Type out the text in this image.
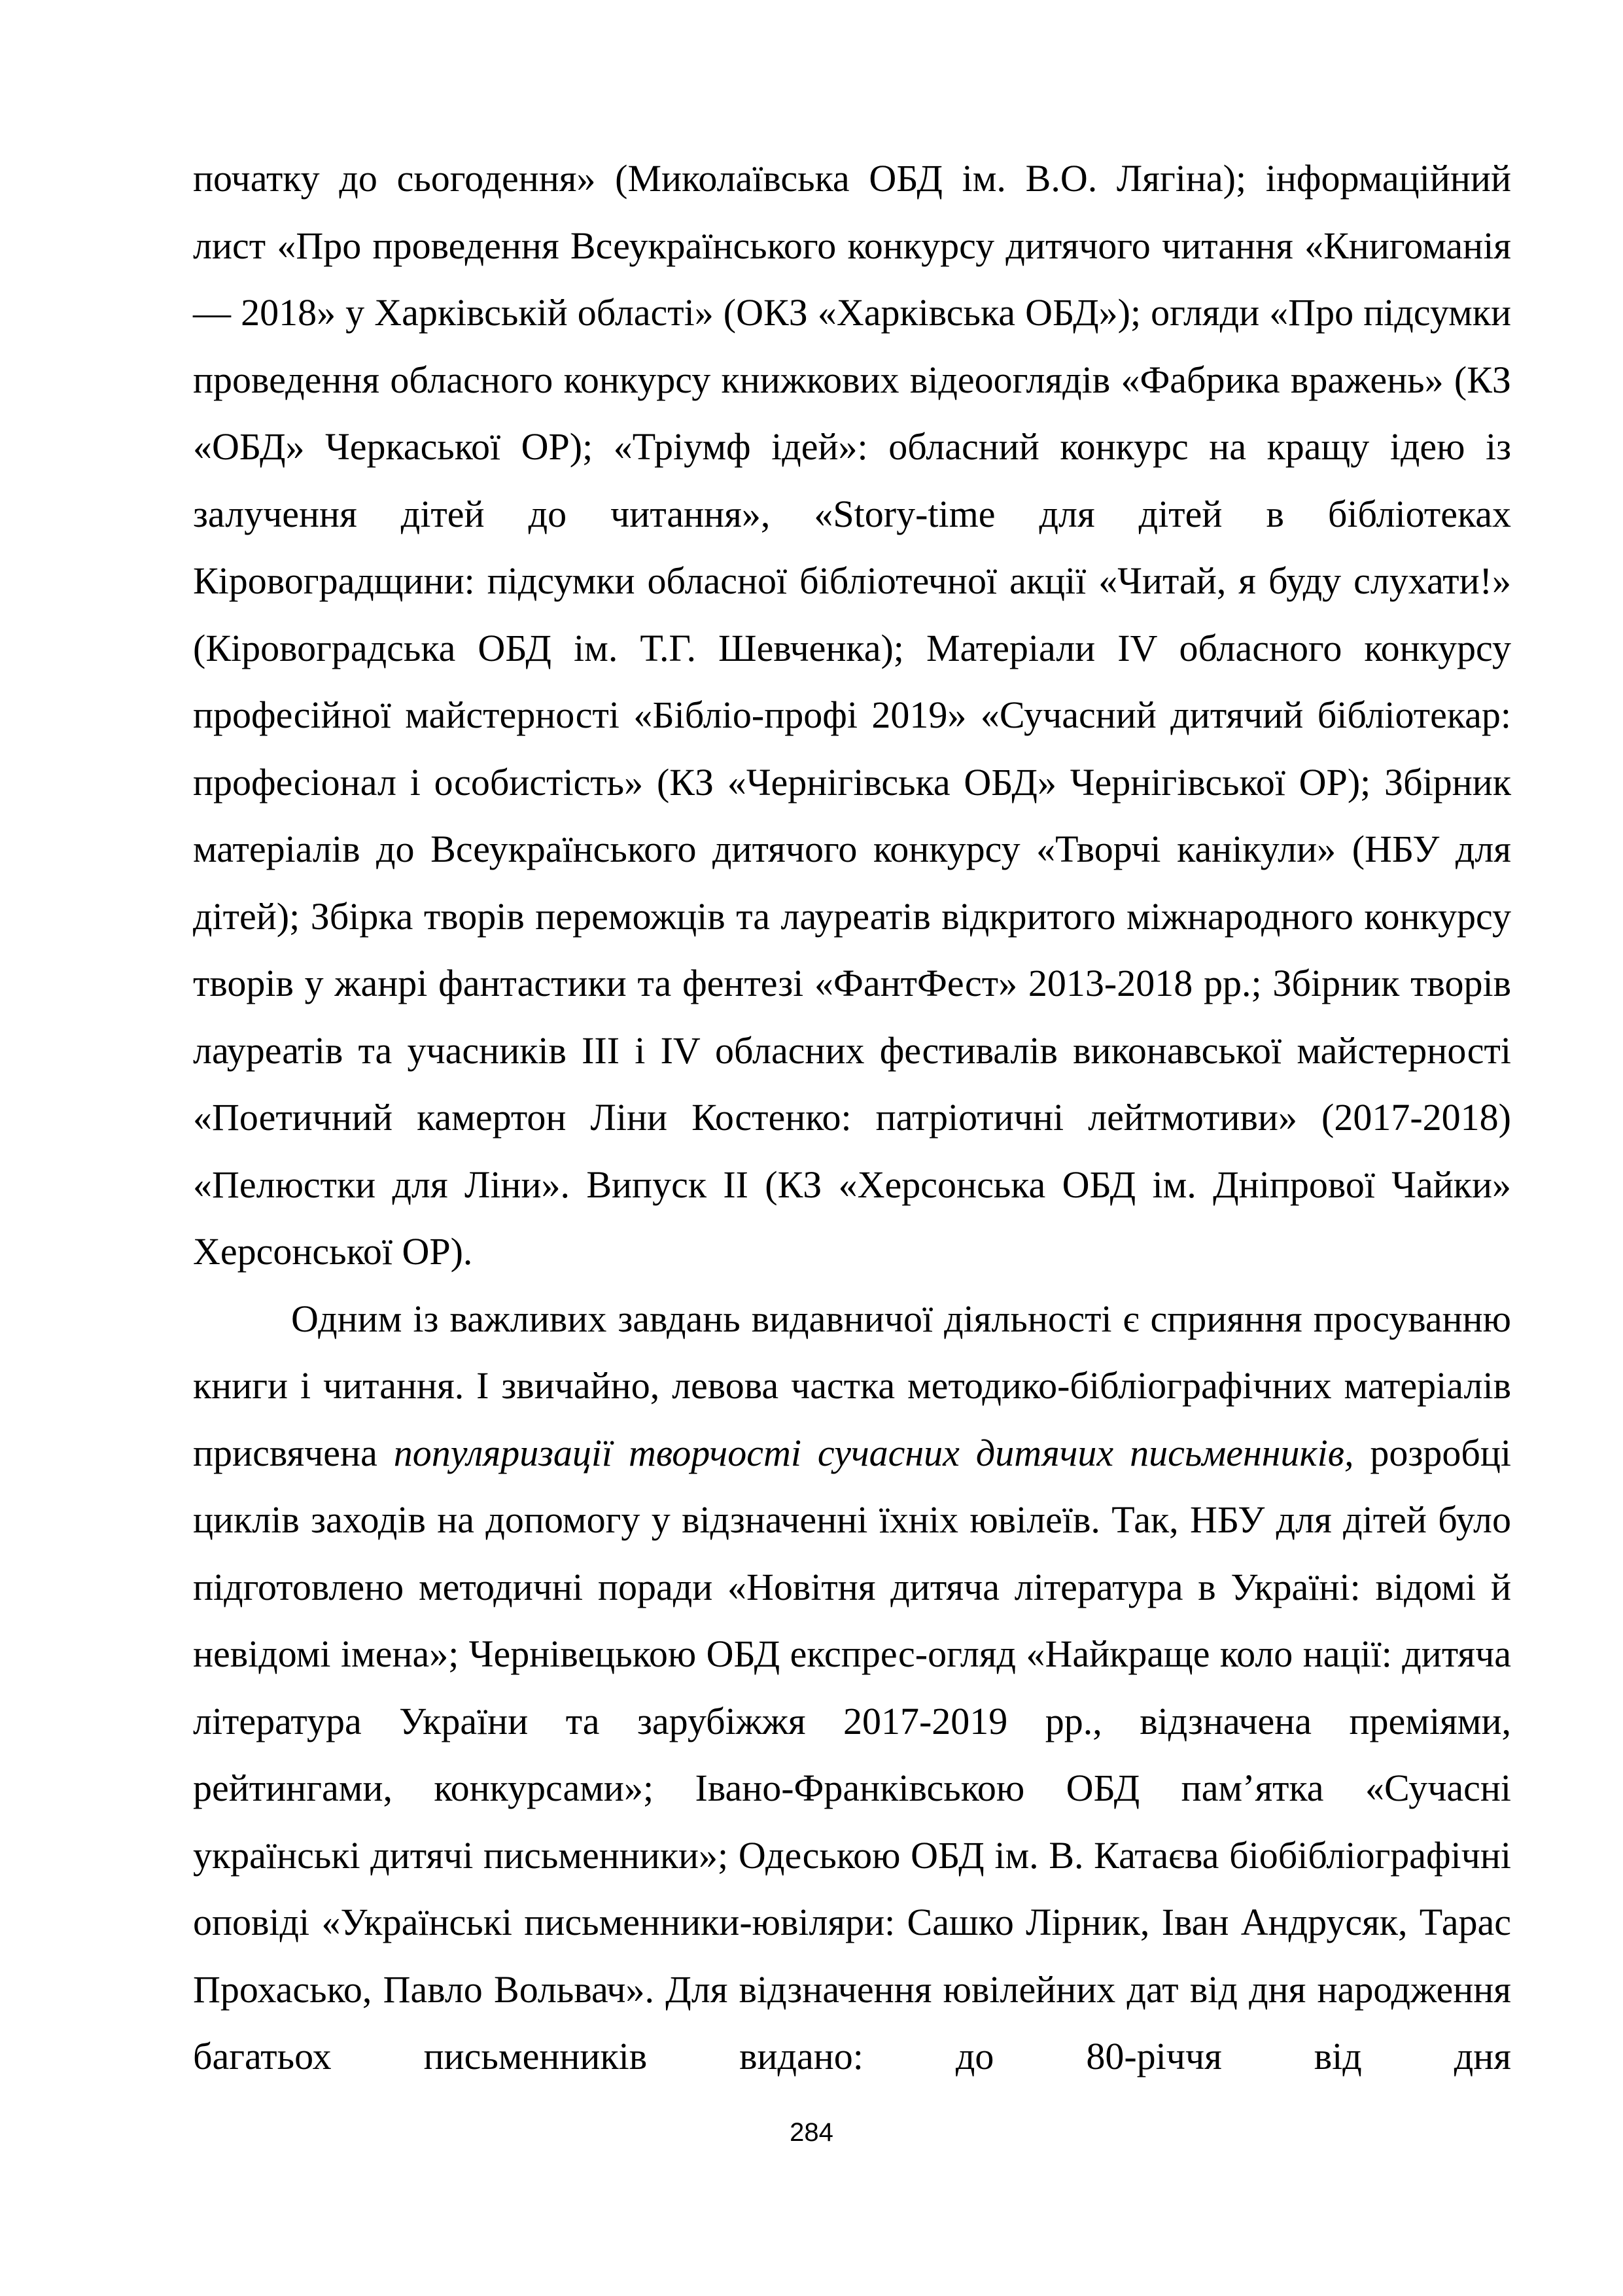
початку до сьогодення» (Миколаївська ОБД ім. В.О. Лягіна); інформаційний лист «Про проведення Всеукраїнського конкурсу дитячого читання «Книгоманія — 2018» у Харківській області» (ОКЗ «Харківська ОБД»); огляди «Про підсумки проведення обласного конкурсу книжкових відеооглядів «Фабрика вражень» (КЗ «ОБД» Черкаської ОР); «Тріумф ідей»: обласний конкурс на кращу ідею із залучення дітей до читання», «Story-time для дітей в бібліотеках Кіровоградщини: підсумки обласної бібліотечної акції «Читай, я буду слухати!» (Кіровоградська ОБД ім. Т.Г. Шевченка); Матеріали IV обласного конкурсу професійної майстерності «Бібліо-профі 2019» «Сучасний дитячий бібліотекар: професіонал і особистість» (КЗ «Чернігівська ОБД» Чернігівської ОР); Збірник матеріалів до Всеукраїнського дитячого конкурсу «Творчі канікули» (НБУ для дітей); Збірка творів переможців та лауреатів відкритого міжнародного конкурсу творів у жанрі фантастики та фентезі «ФантФест» 2013-2018 рр.; Збірник творів лауреатів та учасників ІІІ і IV обласних фестивалів виконавської майстерності «Поетичний камертон Ліни Костенко: патріотичні лейтмотиви» (2017-2018) «Пелюстки для Ліни». Випуск ІІ (КЗ «Херсонська ОБД ім. Дніпрової Чайки» Херсонської ОР).

Одним із важливих завдань видавничої діяльності є сприяння просуванню книги і читання. І звичайно, левова частка методико-бібліографічних матеріалів присвячена популяризації творчості сучасних дитячих письменників, розробці циклів заходів на допомогу у відзначенні їхніх ювілеїв. Так, НБУ для дітей було підготовлено методичні поради «Новітня дитяча література в Україні: відомі й невідомі імена»; Чернівецькою ОБД експрес-огляд «Найкраще коло нації: дитяча література України та зарубіжжя 2017-2019 рр., відзначена преміями, рейтингами, конкурсами»; Івано-Франківською ОБД пам’ятка «Сучасні українські дитячі письменники»; Одеською ОБД ім. В. Катаєва біобібліографічні оповіді «Українські письменники-ювіляри: Сашко Лірник, Іван Андрусяк, Тарас Прохасько, Павло Вольвач». Для відзначення ювілейних дат від дня народження багатьох письменників видано: до 80-річчя від дня

284
